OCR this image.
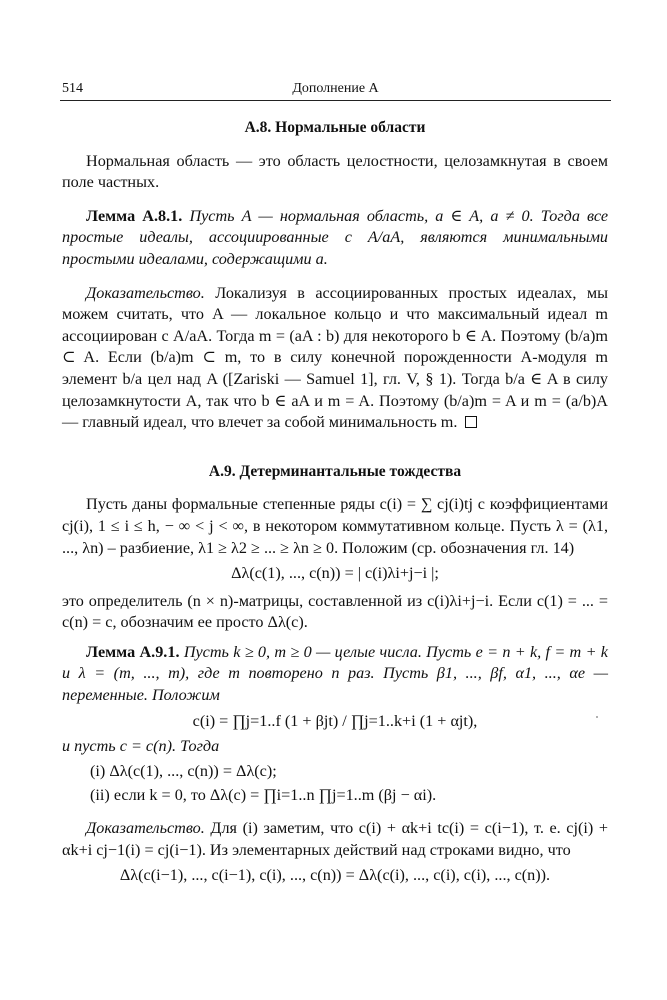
514	Дополнение А
А.8. Нормальные области

Нормальная область — это область целостности, целозамкнутая в своем поле частных.

Лемма А.8.1. Пусть A — нормальная область, a ∈ A, a ≠ 0. Тогда все простые идеалы, ассоциированные с A/aA, являются минимальными простыми идеалами, содержащими a.

Доказательство. Локализуя в ассоциированных простых идеалах, мы можем считать, что A — локальное кольцо и что максимальный идеал m ассоциирован с A/aA. Тогда m = (aA : b) для некоторого b ∈ A. Поэтому (b/a)m ⊂ A. Если (b/a)m ⊂ m, то в силу конечной порожденности A-модуля m элемент b/a цел над A ([Zariski — Samuel 1], гл. V, § 1). Тогда b/a ∈ A в силу целозамкнутости A, так что b ∈ aA и m = A. Поэтому (b/a)m = A и m = (a/b)A — главный идеал, что влечет за собой минимальность m.

А.9. Детерминантальные тождества

Пусть даны формальные степенные ряды c(i) = ∑ cj(i)tj с коэффициентами cj(i), 1 ≤ i ≤ h, − ∞ < j < ∞, в некотором коммутативном кольце. Пусть λ = (λ1, ..., λn) – разбиение, λ1 ≥ λ2 ≥ ... ≥ λn ≥ 0. Положим (ср. обозначения гл. 14)

Δλ(c(1), ..., c(n)) = | c(i)λi+j−i |;

это определитель (n × n)-матрицы, составленной из c(i)λi+j−i. Если c(1) = ... = c(n) = c, обозначим ее просто Δλ(c).

Лемма А.9.1. Пусть k ≥ 0, m ≥ 0 — целые числа. Пусть e = n + k, f = m + k и λ = (m, ..., m), где m повторено n раз. Пусть β1, ..., βf, α1, ..., αe — переменные. Положим

c(i) = ∏j=1..f (1 + βjt) / ∏j=1..k+i (1 + αjt),

и пусть c = c(n). Тогда

(i) Δλ(c(1), ..., c(n)) = Δλ(c);
(ii) если k = 0, то Δλ(c) = ∏i=1..n ∏j=1..m (βj − αi).

Доказательство. Для (i) заметим, что c(i) + αk+i tc(i) = c(i−1), т. е. cj(i) + αk+i cj−1(i) = cj(i−1). Из элементарных действий над строками видно, что

Δλ(c(i−1), ..., c(i−1), c(i), ..., c(n)) = Δλ(c(i), ..., c(i), c(i), ..., c(n)).
